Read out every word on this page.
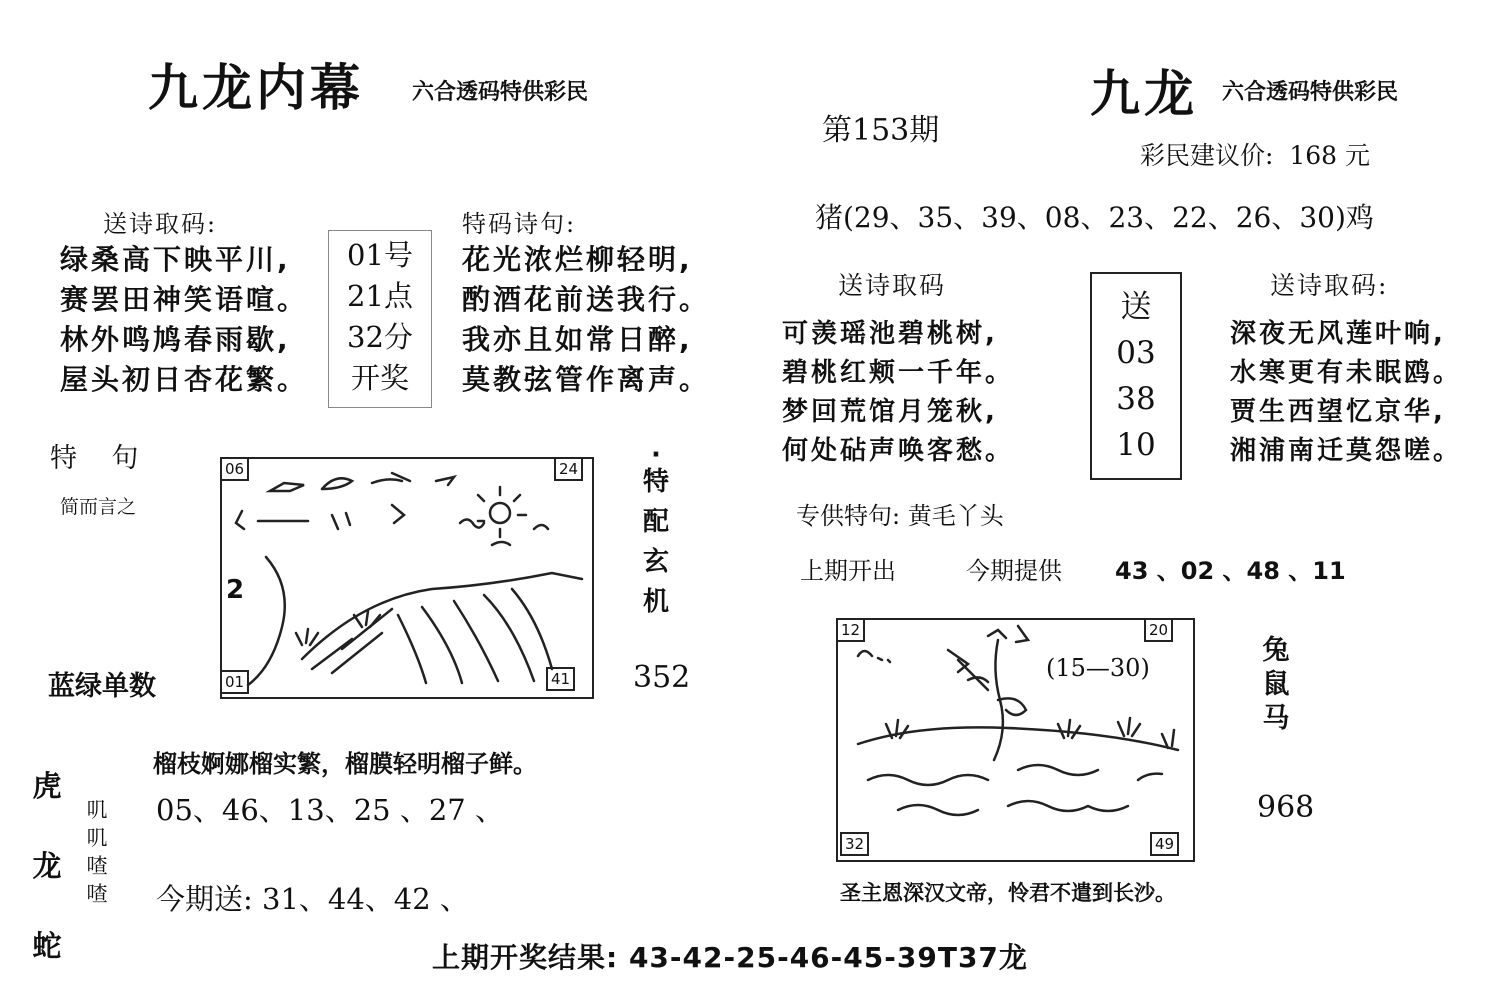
九龙内幕 六合透码特供彩民
送诗取码:
绿桑高下映平川,
赛罢田神笑语喧。
林外鸣鸠春雨歇,
屋头初日杏花繁。
01号
21点
32分
开奖
特码诗句:
花光浓烂柳轻明,
酌酒花前送我行。
我亦且如常日醉,
莫教弦管作离声。
特    句
简而言之
06	24
01	41
2
·
特
配
玄
机
蓝绿单数	352
虎
龙
蛇
叽
叽
喳
喳
榴枝婀娜榴实繁，榴膜轻明榴子鲜。
05、46、13、25 、27 、
今期送: 31、44、42 、
九龙 六合透码特供彩民
第153期
彩民建议价:  168 元
猪(29、35、39、08、23、22、26、30)鸡
送诗取码
可羡瑶池碧桃树,
碧桃红颊一千年。
梦回荒馆月笼秋,
何处砧声唤客愁。
送
03
38
10
送诗取码:
深夜无风莲叶响,
水寒更有未眠鸥。
贾生西望忆京华,
湘浦南迁莫怨嗟。
专供特句: 黄毛丫头
上期开出	今期提供 43 、02 、48 、11
12	20
32	49
(15—30)
兔
鼠
马
968
圣主恩深汉文帝，怜君不遣到长沙。
上期开奖结果: 43-42-25-46-45-39T37龙
